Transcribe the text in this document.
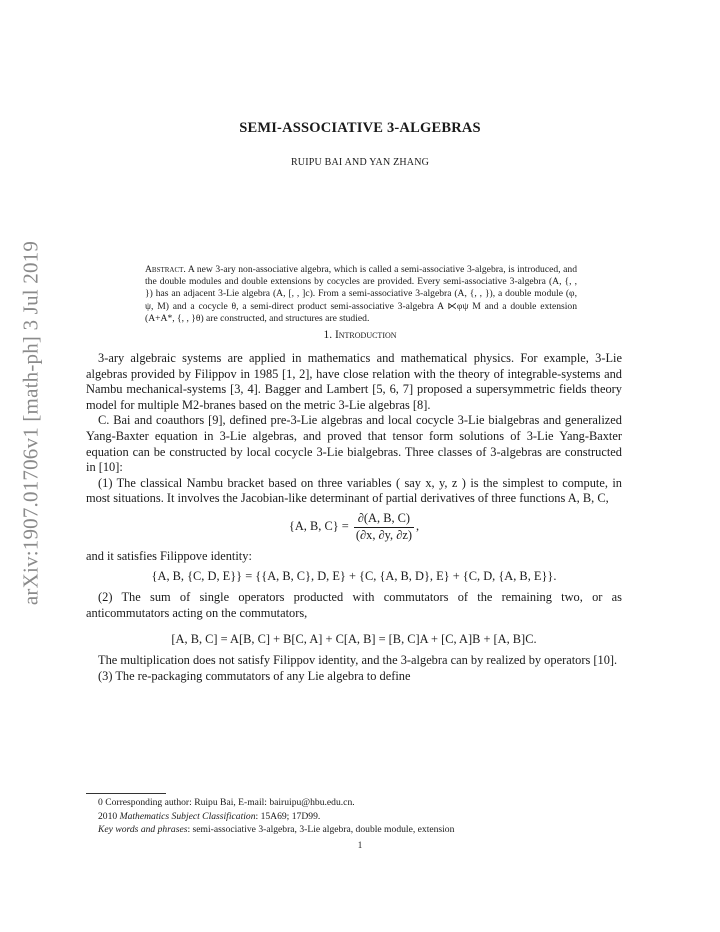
arXiv:1907.01706v1 [math-ph] 3 Jul 2019
SEMI-ASSOCIATIVE 3-ALGEBRAS
RUIPU BAI AND YAN ZHANG
Abstract. A new 3-ary non-associative algebra, which is called a semi-associative 3-algebra, is introduced, and the double modules and double extensions by cocycles are provided. Every semi-associative 3-algebra (A, {, , }) has an adjacent 3-Lie algebra (A, [, , ]c). From a semi-associative 3-algebra (A, {, , }), a double module (φ, ψ, M) and a cocycle θ, a semi-direct product semi-associative 3-algebra A ⋉φψ M and a double extension (A+A*, {, , }θ) are constructed, and structures are studied.
1. Introduction

3-ary algebraic systems are applied in mathematics and mathematical physics. For example, 3-Lie algebras provided by Filippov in 1985 [1, 2], have close relation with the theory of integrable-systems and Nambu mechanical-systems [3, 4]. Bagger and Lambert [5, 6, 7] proposed a supersymmetric fields theory model for multiple M2-branes based on the metric 3-Lie algebras [8].

C. Bai and coauthors [9], defined pre-3-Lie algebras and local cocycle 3-Lie bialgebras and generalized Yang-Baxter equation in 3-Lie algebras, and proved that tensor form solutions of 3-Lie Yang-Baxter equation can be constructed by local cocycle 3-Lie bialgebras. Three classes of 3-algebras are constructed in [10]:

(1) The classical Nambu bracket based on three variables ( say x, y, z ) is the simplest to compute, in most situations. It involves the Jacobian-like determinant of partial derivatives of three functions A, B, C,

{A, B, $C\} = \frac{\partial(A, B, C)}{(\partial x, \partial y, \partial z)}$ ,

and it satisfies Filippove identity:

{A, B, {C, D, E}} = {{A, B, C}, D, E} + {C, {A, B, D}, E} + {C, D, {A, B, E}}.

(2) The sum of single operators producted with commutators of the remaining two, or as anticommutators acting on the commutators,

[A, B, C] = A[B, C] + B[C, A] + C[A, B] = [B, C]A + [C, A]B + [A, B]C.

The multiplication does not satisfy Filippov identity, and the 3-algebra can by realized by operators [10].

(3) The re-packaging commutators of any Lie algebra to define

0 Corresponding author: Ruipu Bai, E-mail: bairuipu@hbu.edu.cn.
2010 Mathematics Subject Classification: 15A69; 17D99.
Key words and phrases: semi-associative 3-algebra, 3-Lie algebra, double module, extension
1
